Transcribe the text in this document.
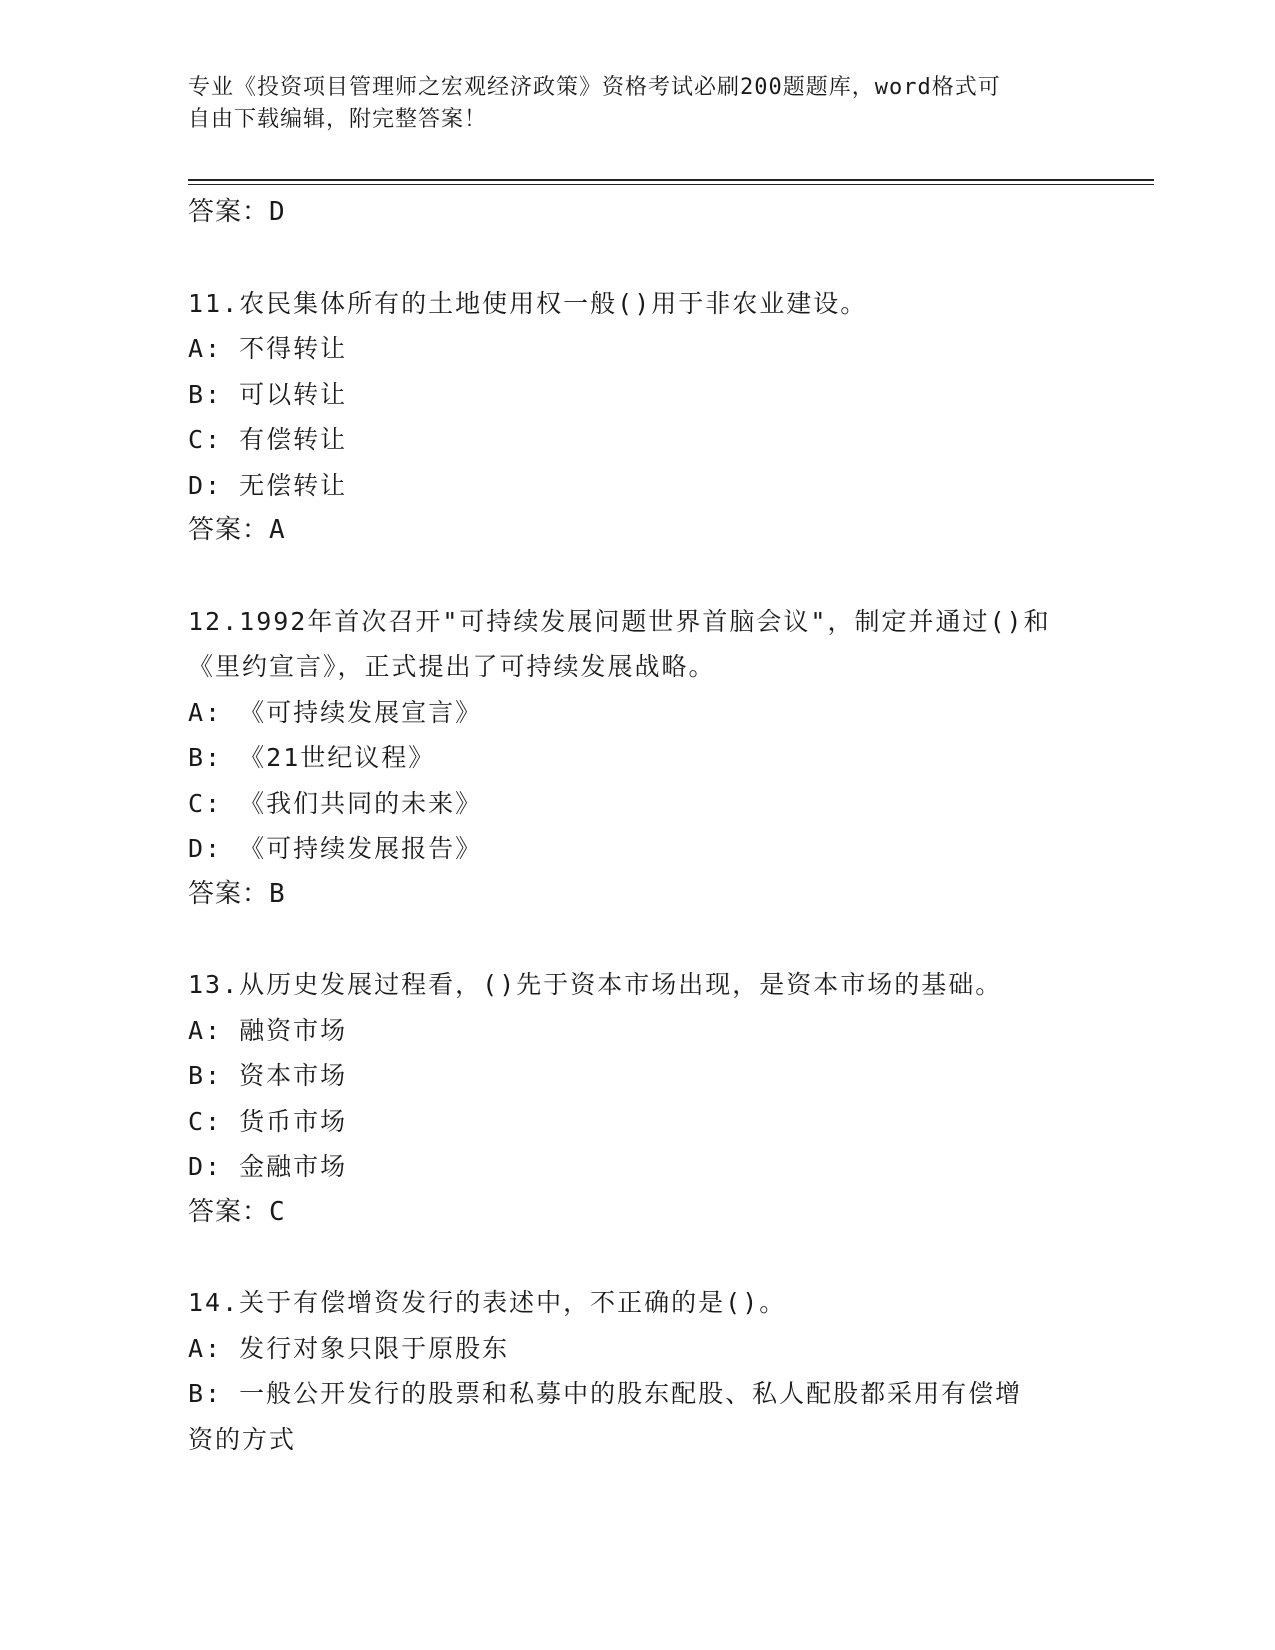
专业《投资项目管理师之宏观经济政策》资格考试必刷200题题库，word格式可
自由下载编辑，附完整答案！
答案：D
11.农民集体所有的土地使用权一般()用于非农业建设。
A: 不得转让
B: 可以转让
C: 有偿转让
D: 无偿转让
答案：A
12.1992年首次召开"可持续发展问题世界首脑会议"，制定并通过()和
《里约宣言》，正式提出了可持续发展战略。
A: 《可持续发展宣言》
B: 《21世纪议程》
C: 《我们共同的未来》
D: 《可持续发展报告》
答案：B
13.从历史发展过程看，()先于资本市场出现，是资本市场的基础。
A: 融资市场
B: 资本市场
C: 货币市场
D: 金融市场
答案：C
14.关于有偿增资发行的表述中，不正确的是()。
A: 发行对象只限于原股东
B: 一般公开发行的股票和私募中的股东配股、私人配股都采用有偿增
资的方式
